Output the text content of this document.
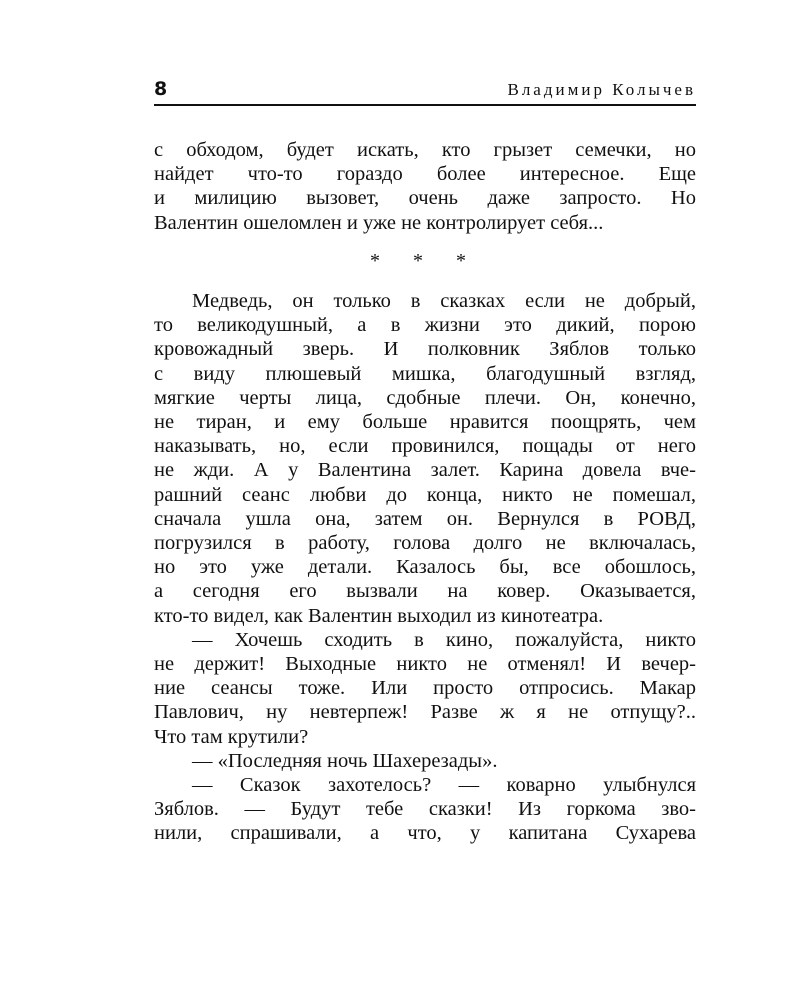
8	Владимир Колычев

с обходом, будет искать, кто грызет семечки, но

найдет что-то гораздо более интересное. Еще

и милицию вызовет, очень даже запросто. Но

Валентин ошеломлен и уже не контролирует себя...

* * *

Медведь, он только в сказках если не добрый,

то великодушный, а в жизни это дикий, порою

кровожадный зверь. И полковник Зяблов только

с виду плюшевый мишка, благодушный взгляд,

мягкие черты лица, сдобные плечи. Он, конечно,

не тиран, и ему больше нравится поощрять, чем

наказывать, но, если провинился, пощады от него

не жди. А у Валентина залет. Карина довела вче-

рашний сеанс любви до конца, никто не помешал,

сначала ушла она, затем он. Вернулся в РОВД,

погрузился в работу, голова долго не включалась,

но это уже детали. Казалось бы, все обошлось,

а сегодня его вызвали на ковер. Оказывается,

кто-то видел, как Валентин выходил из кинотеатра.

— Хочешь сходить в кино, пожалуйста, никто

не держит! Выходные никто не отменял! И вечер-

ние сеансы тоже. Или просто отпросись. Макар

Павлович, ну невтерпеж! Разве ж я не отпущу?..

Что там крутили?

— «Последняя ночь Шахерезады».

— Сказок захотелось? — коварно улыбнулся

Зяблов. — Будут тебе сказки! Из горкома зво-

нили, спрашивали, а что, у капитана Сухарева
